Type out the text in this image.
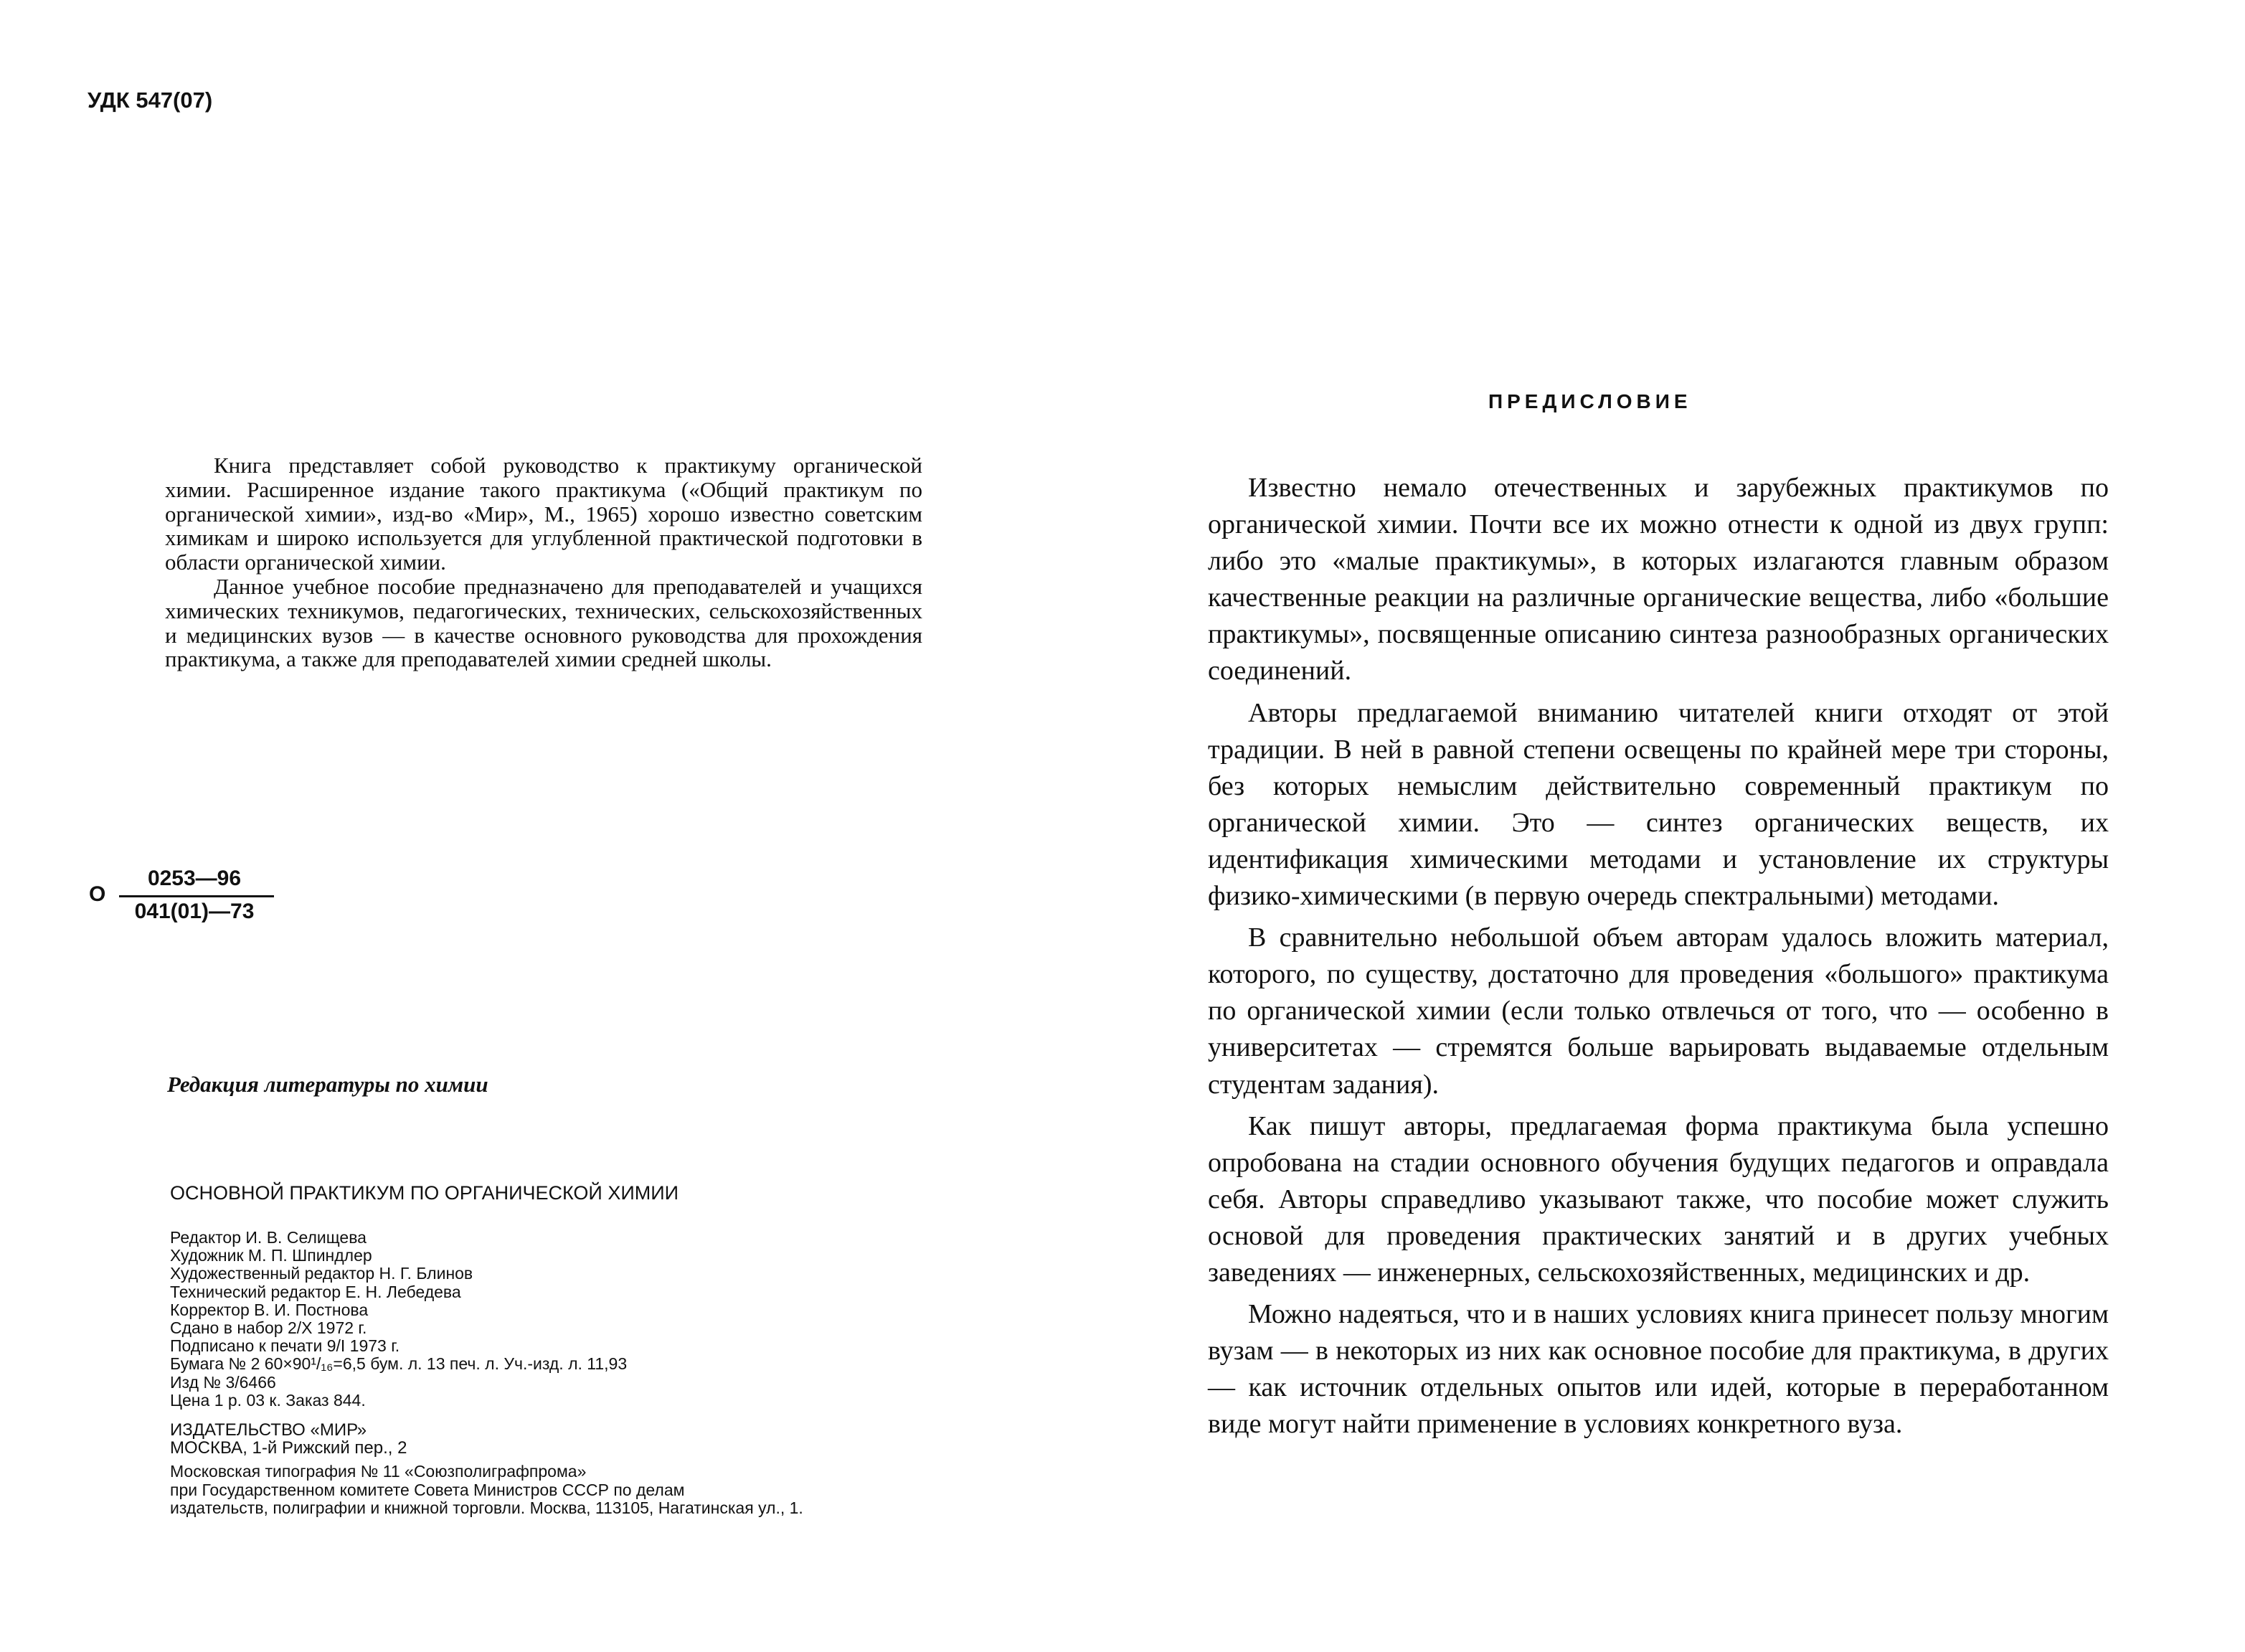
УДК 547(07)

Книга представляет собой руководство к практикуму органической химии. Расширенное издание такого практикума («Общий практикум по органической химии», изд-во «Мир», М., 1965) хорошо известно советским химикам и широко используется для углубленной практической подготовки в области органической химии.

Данное учебное пособие предназначено для преподавателей и учащихся химических техникумов, педагогических, технических, сельскохозяйственных и медицинских вузов — в качестве основного руководства для прохождения практикума, а также для преподавателей химии средней школы.

О
0253—96
041(01)—73
Редакция литературы по химии
ОСНОВНОЙ ПРАКТИКУМ ПО ОРГАНИЧЕСКОЙ ХИМИИ
Редактор И. В. Селищева
Художник М. П. Шпиндлер
Художественный редактор Н. Г. Блинов
Технический редактор Е. Н. Лебедева
Корректор В. И. Постнова
Сдано в набор 2/X 1972 г.
Подписано к печати 9/I 1973 г.
Бумага № 2 60×90¹/₁₆=6,5 бум. л. 13 печ. л. Уч.-изд. л. 11,93
Изд № 3/6466
Цена 1 р. 03 к. Заказ 844.
ИЗДАТЕЛЬСТВО «МИР»
МОСКВА, 1-й Рижский пер., 2
Московская типография № 11 «Союзполиграфпрома»
при Государственном комитете Совета Министров СССР по делам
издательств, полиграфии и книжной торговли. Москва, 113105, Нагатинская ул., 1.
ПРЕДИСЛОВИЕ

Известно немало отечественных и зарубежных практикумов по органической химии. Почти все их можно отнести к одной из двух групп: либо это «малые практикумы», в которых излагаются главным образом качественные реакции на различные органические вещества, либо «большие практикумы», посвященные описанию синтеза разнообразных органических соединений.

Авторы предлагаемой вниманию читателей книги отходят от этой традиции. В ней в равной степени освещены по крайней мере три стороны, без которых немыслим действительно современный практикум по органической химии. Это — синтез органических веществ, их идентификация химическими методами и установление их структуры физико-химическими (в первую очередь спектральными) методами.

В сравнительно небольшой объем авторам удалось вложить материал, которого, по существу, достаточно для проведения «большого» практикума по органической химии (если только отвлечься от того, что — особенно в университетах — стремятся больше варьировать выдаваемые отдельным студентам задания).

Как пишут авторы, предлагаемая форма практикума была успешно опробована на стадии основного обучения будущих педагогов и оправдала себя. Авторы справедливо указывают также, что пособие может служить основой для проведения практических занятий и в других учебных заведениях — инженерных, сельскохозяйственных, медицинских и др.

Можно надеяться, что и в наших условиях книга принесет пользу многим вузам — в некоторых из них как основное пособие для практикума, в других — как источник отдельных опытов или идей, которые в переработанном виде могут найти применение в условиях конкретного вуза.
